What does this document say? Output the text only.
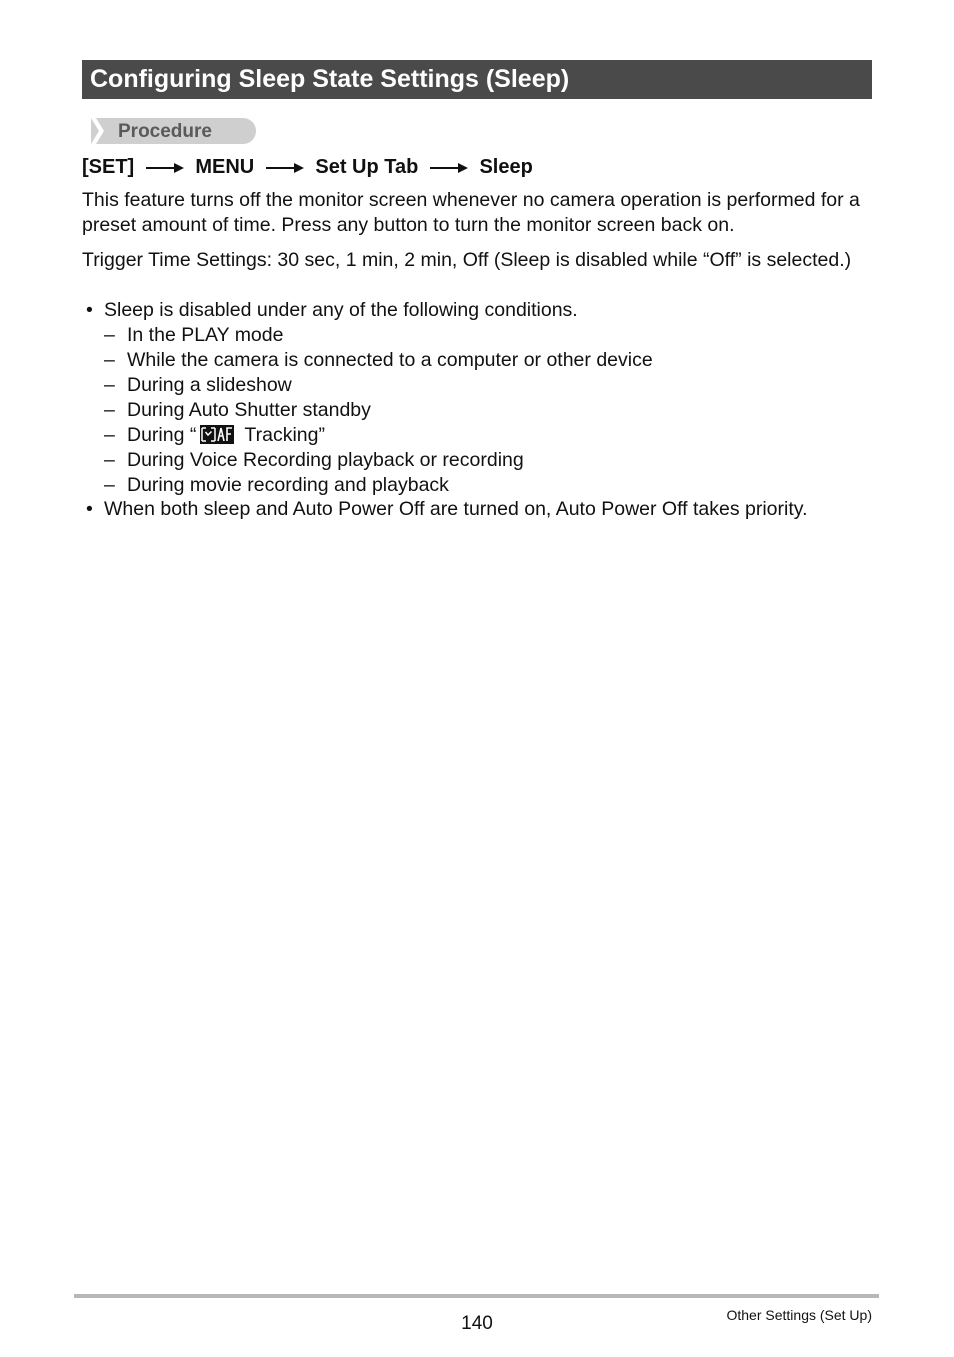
Configuring Sleep State Settings (Sleep)
Procedure
[SET]	MENU	Set Up Tab	Sleep
This feature turns off the monitor screen whenever no camera operation is performed for a preset amount of time. Press any button to turn the monitor screen back on.
Trigger Time Settings: 30 sec, 1 min, 2 min, Off (Sleep is disabled while “Off” is selected.)
• Sleep is disabled under any of the following conditions.
– In the PLAY mode
– While the camera is connected to a computer or other device
– During a slideshow
– During Auto Shutter standby
– During “ Tracking”
– During Voice Recording playback or recording
– During movie recording and playback
• When both sleep and Auto Power Off are turned on, Auto Power Off takes priority.
140	Other Settings (Set Up)
